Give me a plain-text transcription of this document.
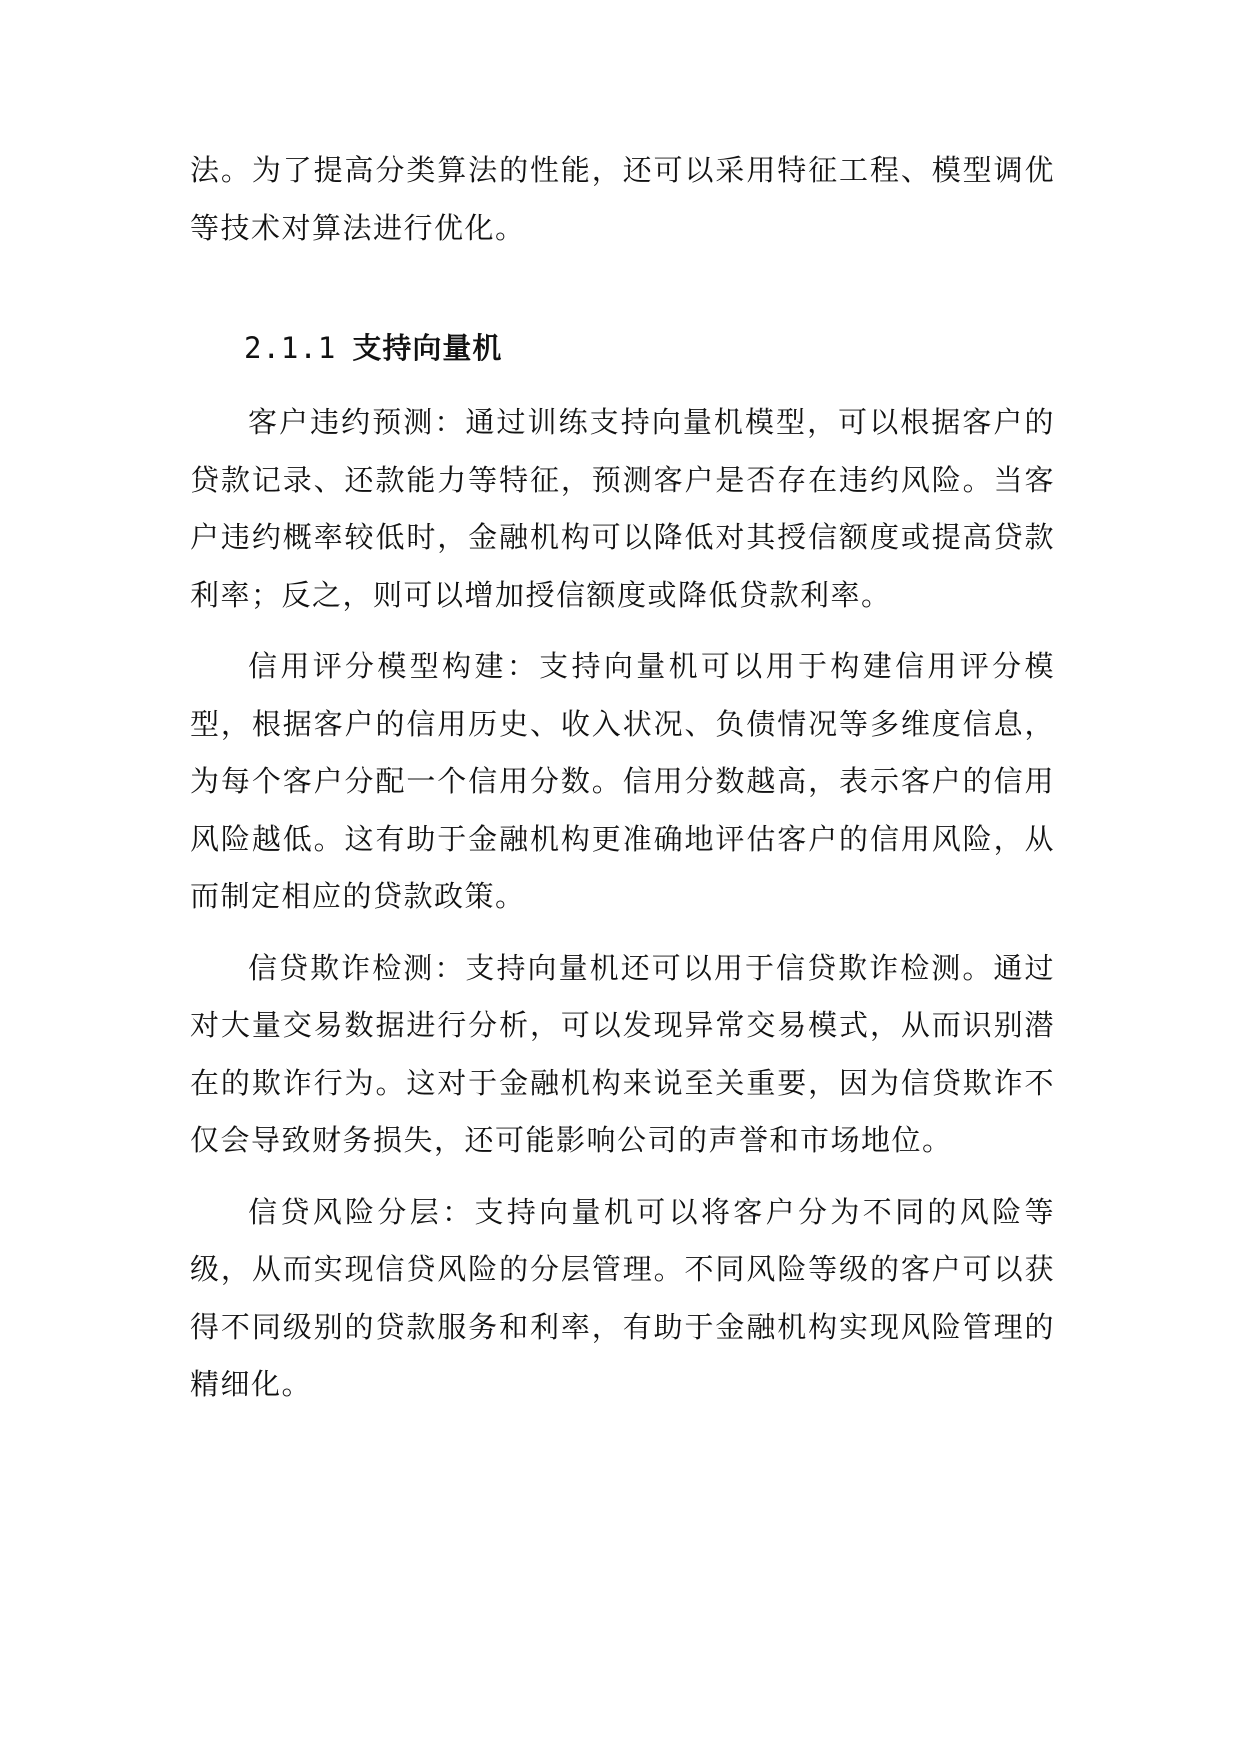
法。为了提高分类算法的性能，还可以采用特征工程、模型调优等技术对算法进行优化。

2.1.1 支持向量机

客户违约预测：通过训练支持向量机模型，可以根据客户的贷款记录、还款能力等特征，预测客户是否存在违约风险。当客户违约概率较低时，金融机构可以降低对其授信额度或提高贷款利率；反之，则可以增加授信额度或降低贷款利率。

信用评分模型构建：支持向量机可以用于构建信用评分模型，根据客户的信用历史、收入状况、负债情况等多维度信息，为每个客户分配一个信用分数。信用分数越高，表示客户的信用风险越低。这有助于金融机构更准确地评估客户的信用风险，从而制定相应的贷款政策。

信贷欺诈检测：支持向量机还可以用于信贷欺诈检测。通过对大量交易数据进行分析，可以发现异常交易模式，从而识别潜在的欺诈行为。这对于金融机构来说至关重要，因为信贷欺诈不仅会导致财务损失，还可能影响公司的声誉和市场地位。

信贷风险分层：支持向量机可以将客户分为不同的风险等级，从而实现信贷风险的分层管理。不同风险等级的客户可以获得不同级别的贷款服务和利率，有助于金融机构实现风险管理的精细化。
